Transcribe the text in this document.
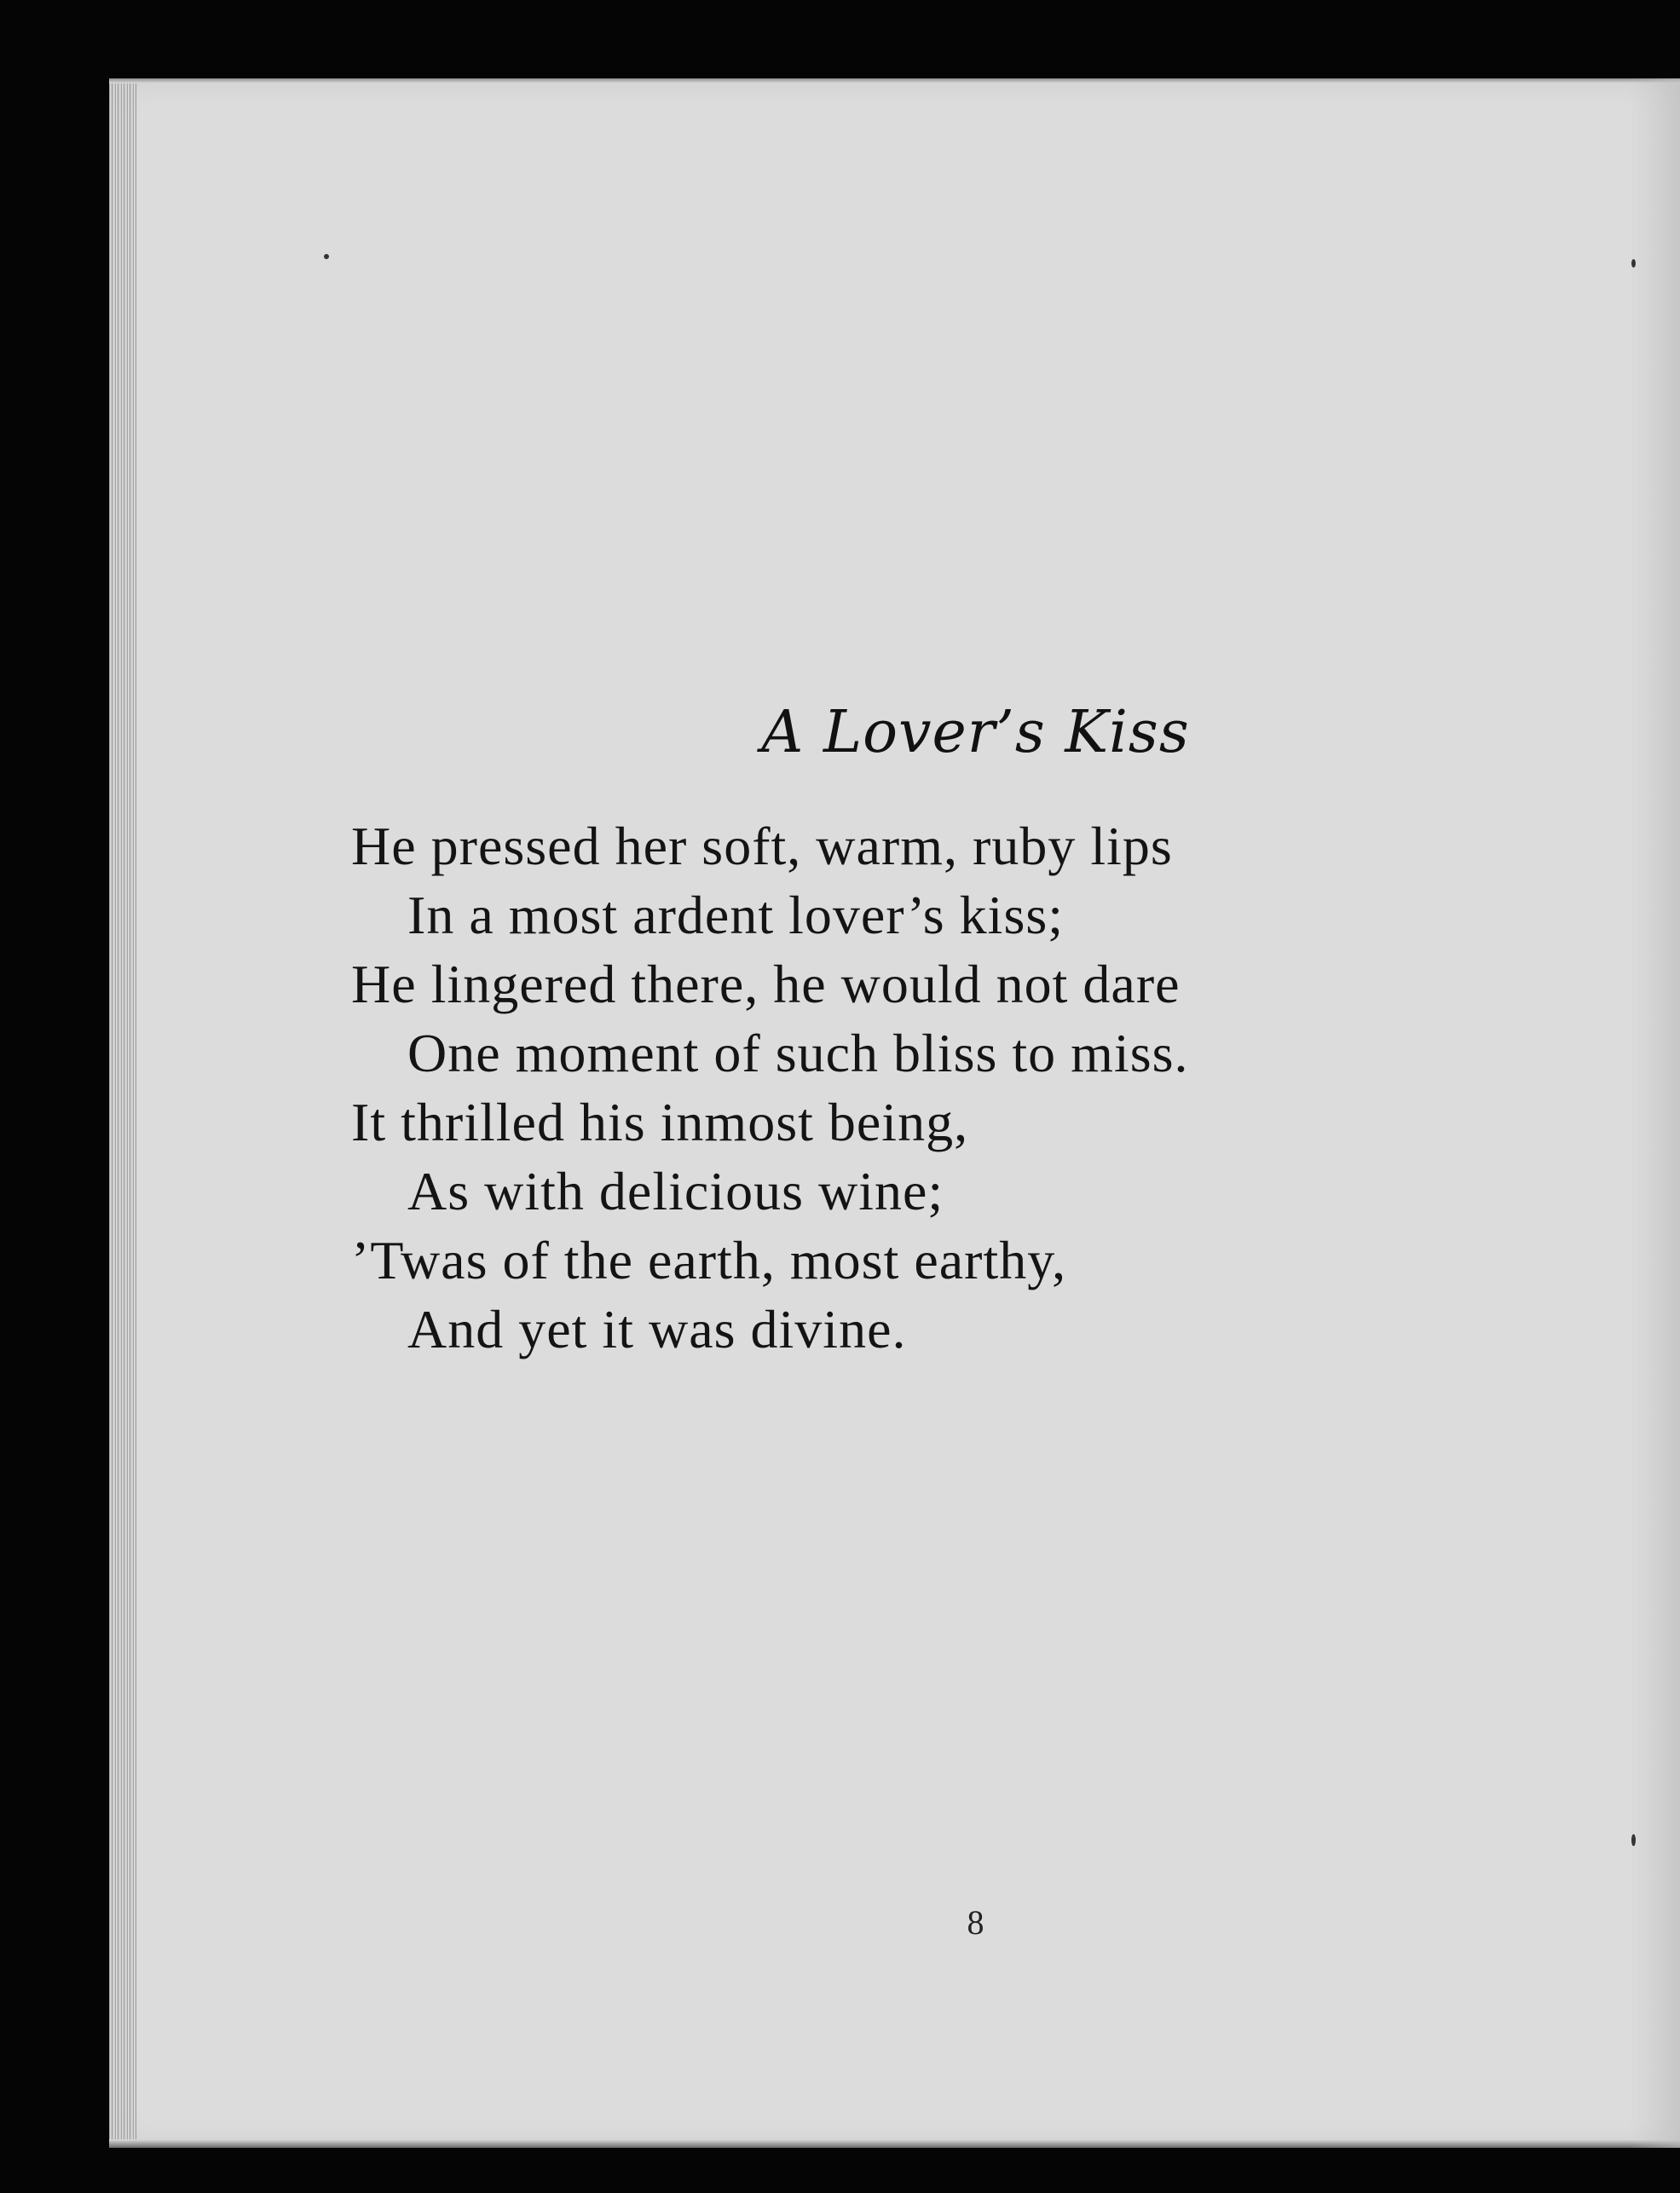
A Lover’s Kiss
He pressed her soft, warm, ruby lips
In a most ardent lover’s kiss;
He lingered there, he would not dare
One moment of such bliss to miss.
It thrilled his inmost being,
As with delicious wine;
’Twas of the earth, most earthy,
And yet it was divine.
8
